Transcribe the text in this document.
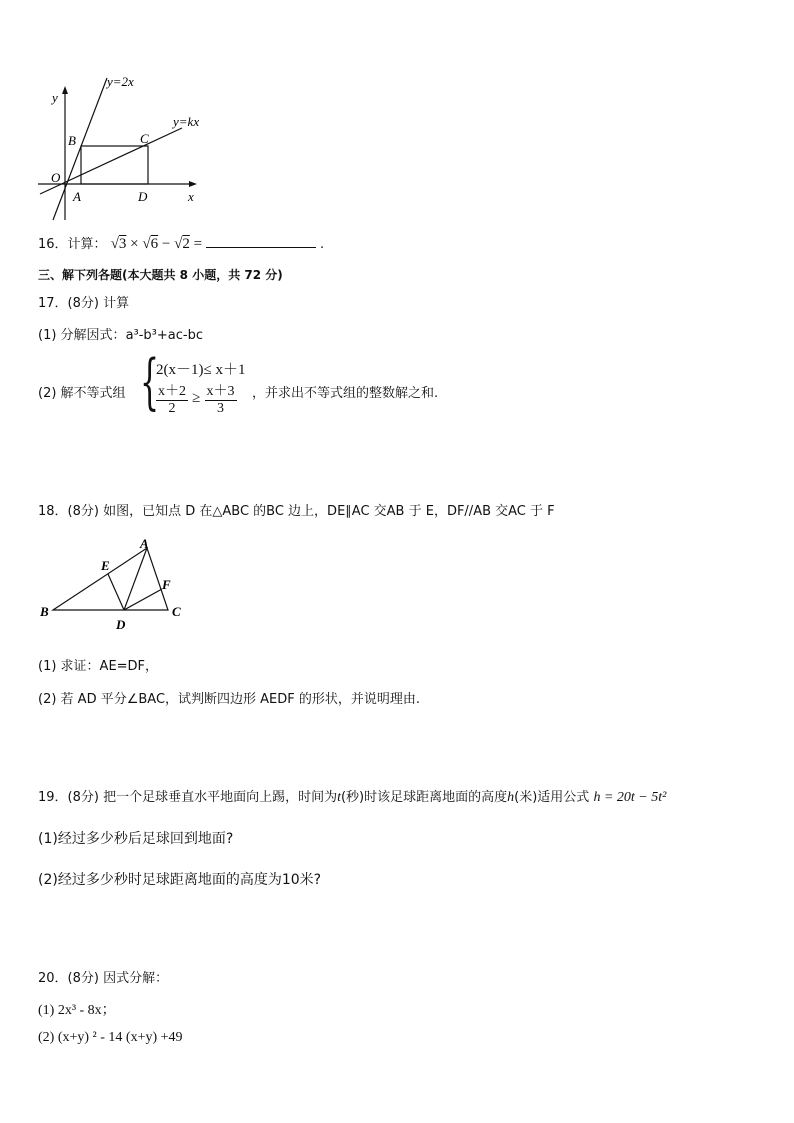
y
x
O
y=2x
y=kx
B	C
A	D
16．计算： √3 × √6 − √2 =	.
三、解下列各题(本大题共 8 小题，共 72 分)
17．(8分) 计算
(1) 分解因式：a³-b³+ac-bc
(2) 解不等式组 {
2(x－1)≤ x＋1
$\frac{x+2}{2} \ge \frac{x+3}{3}$ ，并求出不等式组的整数解之和.
18．(8分) 如图，已知点 D 在△ABC 的BC 边上，DE∥AC 交AB 于 E，DF//AB 交AC 于 F
A
E
F
B	C
D
(1) 求证：AE=DF，
(2) 若 AD 平分∠BAC，试判断四边形 AEDF 的形状，并说明理由.
19．(8分) 把一个足球垂直水平地面向上踢，时间为t(秒)时该足球距离地面的高度h(米)适用公式 h = 20t − 5t²
(1)经过多少秒后足球回到地面?
(2)经过多少秒时足球距离地面的高度为10米?
20．(8分) 因式分解：
(1) 2x³ - 8x；
(2) (x+y) ² - 14 (x+y) +49
